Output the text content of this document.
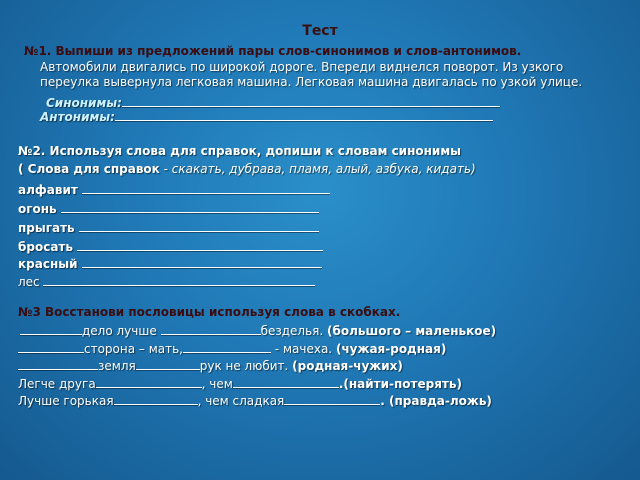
Тест
№1. Выпиши из предложений пары слов-синонимов и слов-антонимов.
Автомобили двигались по широкой дороге. Впереди виднелся поворот. Из узкого
переулка вывернула легковая машина. Легковая машина двигалась по узкой улице.
Синонимы:
Антонимы:
№2. Используя слова для справок, допиши к словам синонимы
( Слова для справок - скакать, дубрава, пламя, алый, азбука, кидать)
алфавит
огонь
прыгать
бросать
красный
лес
№3 Восстанови пословицы используя слова в скобках.
дело лучше	безделья. (большого – маленькое)
сторона – мать,	- мачеха. (чужая-родная)
земля	рук не любит. (родная-чужих)
Легче друга	, чем	.(найти-потерять)
Лучше горькая	, чем сладкая	. (правда-ложь)
